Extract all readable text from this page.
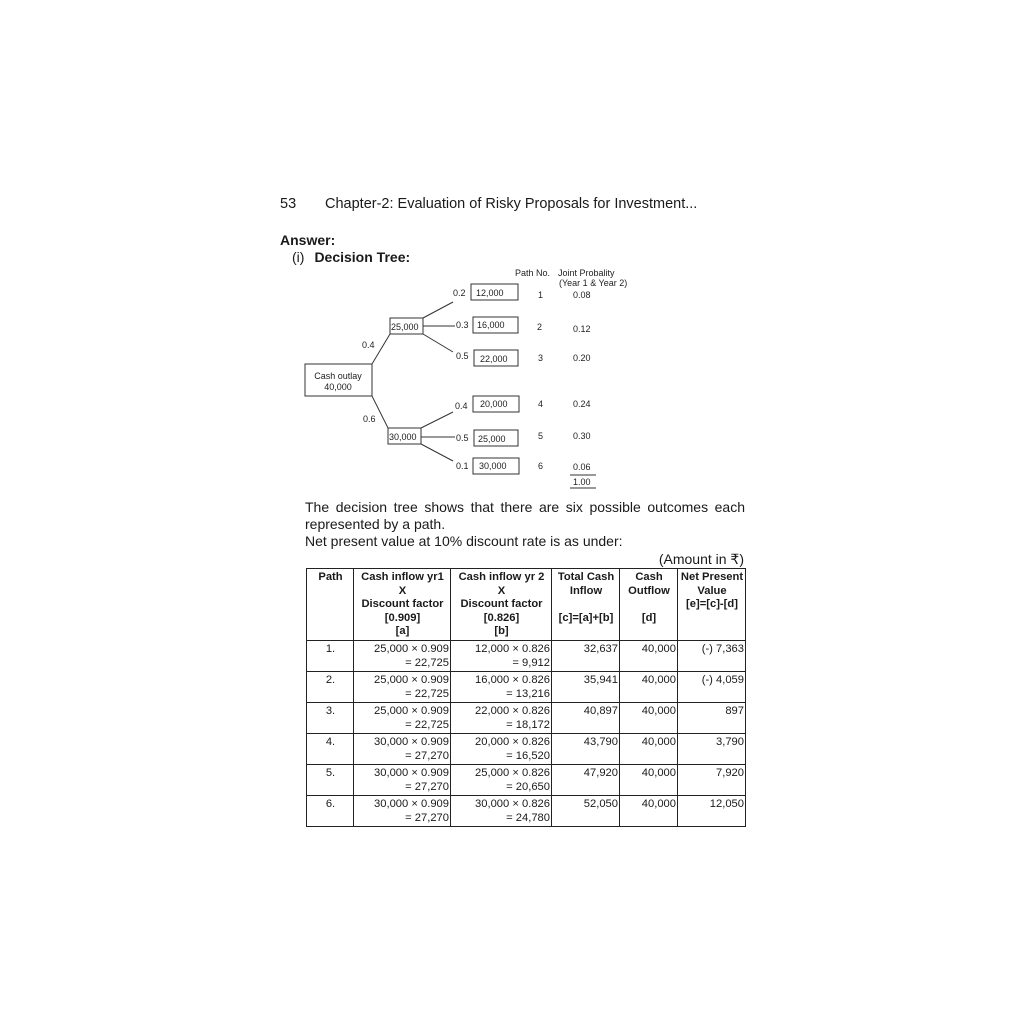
53 Chapter-2: Evaluation of Risky Proposals for Investment...
Answer:
(i) Decision Tree:
Path No. Joint Probality
(Year 1 & Year 2)
Cash outlay
40,000
0.4
25,000
0.6
30,000
0.2 12,000	1	0.08
0.3 16,000	2	0.12
0.5 22,000	3	0.20
0.4 20,000	4	0.24
0.5 25,000	5	0.30
0.1 30,000	6	0.06
1.00

The decision tree shows that there are six possible outcomes each represented by a path.

Net present value at 10% discount rate is as under:

(Amount in ₹)
Path	Cash inflow yr1
X
Discount factor
[0.909]
[a]	Cash inflow yr 2
X
Discount factor
[0.826]
[b]	Total Cash
Inflow

[c]=[a]+[b]	Cash
Outflow

[d]	Net Present
Value
[e]=[c]-[d]
1.	25,000 × 0.909
= 22,725	12,000 × 0.826
= 9,912	32,637	40,000	(-) 7,363
2.	25,000 × 0.909
= 22,725	16,000 × 0.826
= 13,216	35,941	40,000	(-) 4,059
3.	25,000 × 0.909
= 22,725	22,000 × 0.826
= 18,172	40,897	40,000	897
4.	30,000 × 0.909
= 27,270	20,000 × 0.826
= 16,520	43,790	40,000	3,790
5.	30,000 × 0.909
= 27,270	25,000 × 0.826
= 20,650	47,920	40,000	7,920
6.	30,000 × 0.909
= 27,270	30,000 × 0.826
= 24,780	52,050	40,000	12,050
